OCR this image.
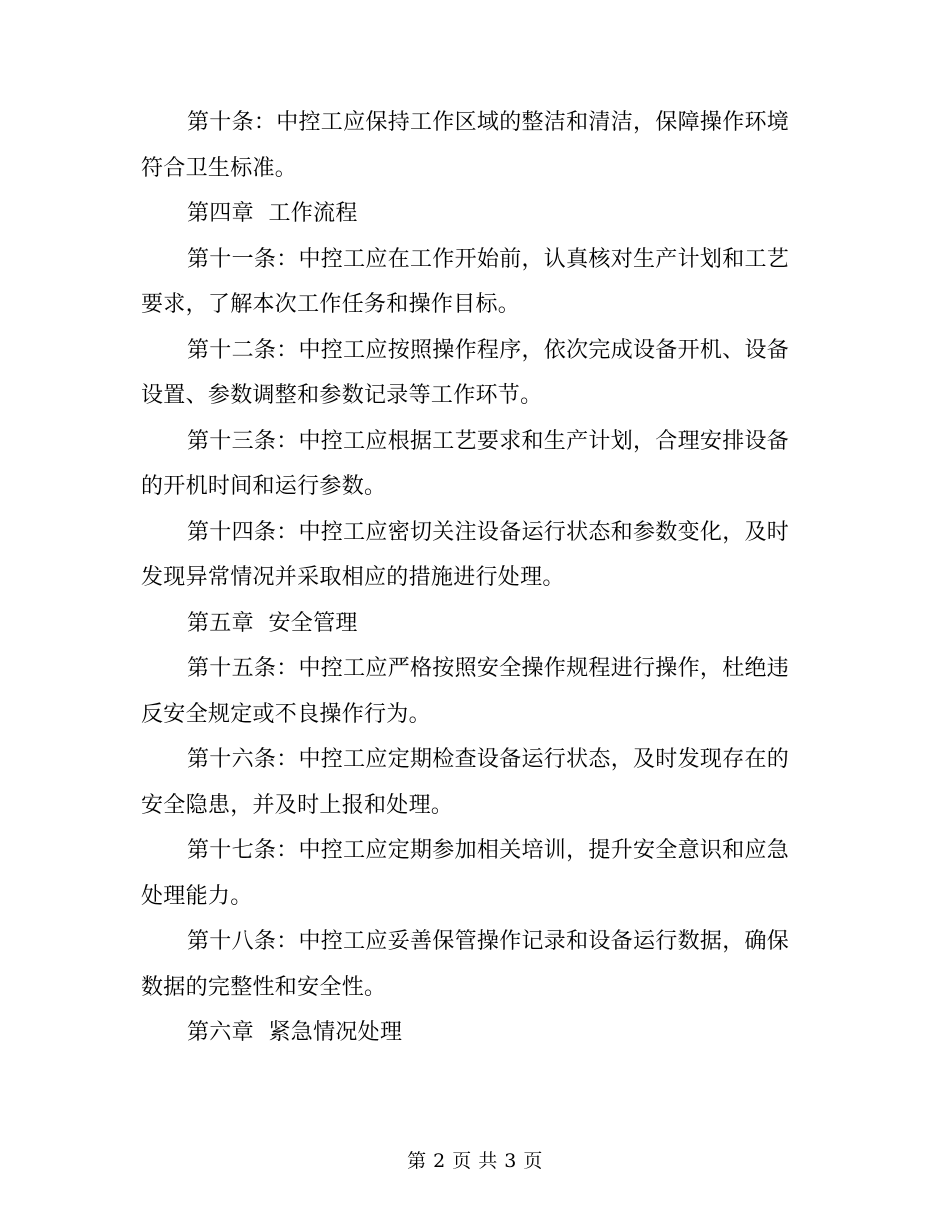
第十条：中控工应保持工作区域的整洁和清洁，保障操作环境符合卫生标准。

第四章  工作流程

第十一条：中控工应在工作开始前，认真核对生产计划和工艺要求，了解本次工作任务和操作目标。

第十二条：中控工应按照操作程序，依次完成设备开机、设备设置、参数调整和参数记录等工作环节。

第十三条：中控工应根据工艺要求和生产计划，合理安排设备的开机时间和运行参数。

第十四条：中控工应密切关注设备运行状态和参数变化，及时发现异常情况并采取相应的措施进行处理。

第五章  安全管理

第十五条：中控工应严格按照安全操作规程进行操作，杜绝违反安全规定或不良操作行为。

第十六条：中控工应定期检查设备运行状态，及时发现存在的安全隐患，并及时上报和处理。

第十七条：中控工应定期参加相关培训，提升安全意识和应急处理能力。

第十八条：中控工应妥善保管操作记录和设备运行数据，确保数据的完整性和安全性。

第六章  紧急情况处理

第 2 页 共 3 页
